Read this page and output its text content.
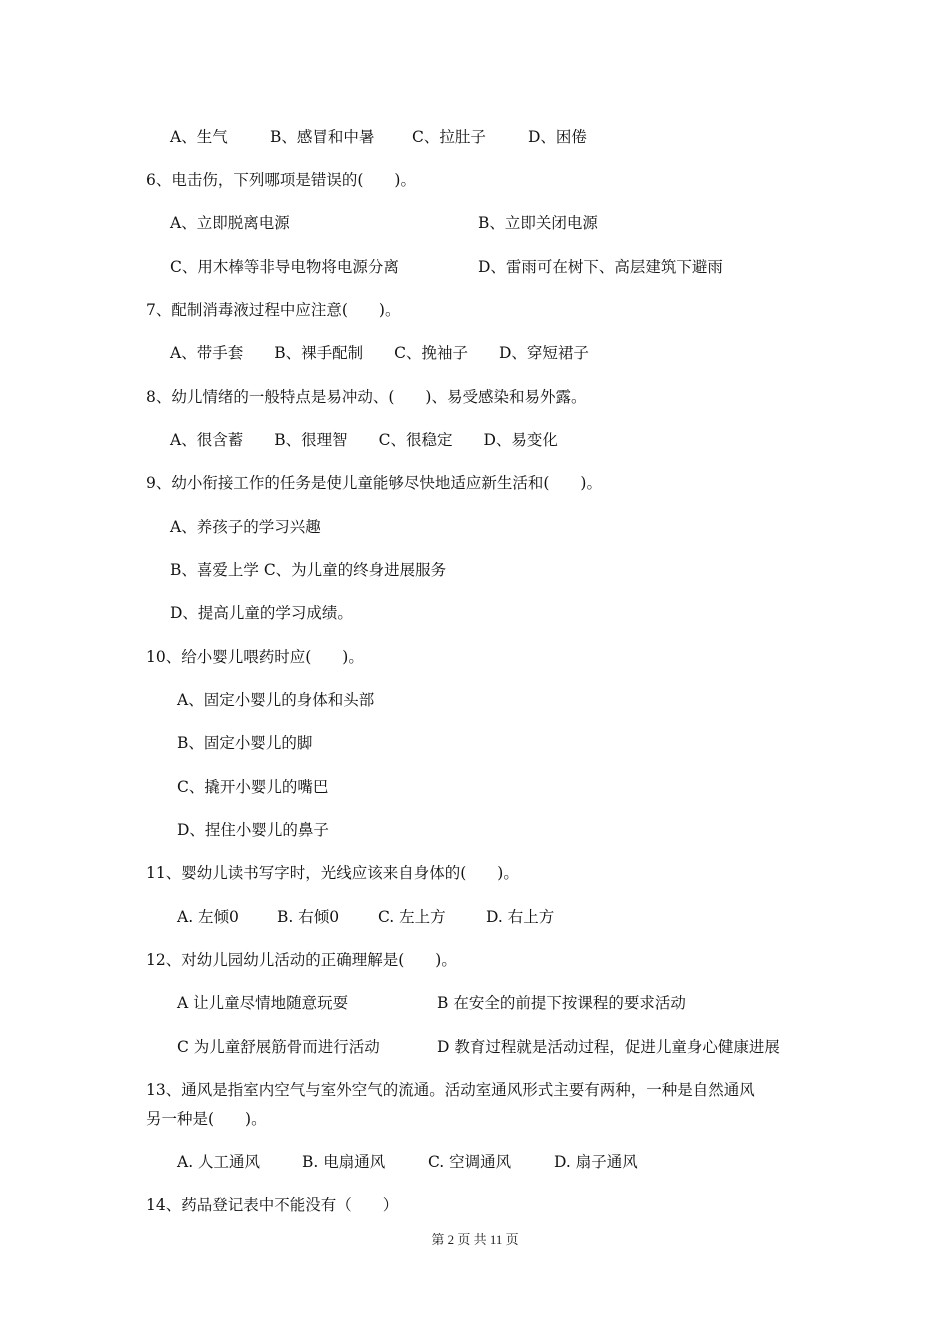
A、生气	B、感冒和中暑 C、拉肚子	D、困倦
6、电击伤，下列哪项是错误的(　　)。
A、立即脱离电源	B、立即关闭电源
C、用木棒等非导电物将电源分离	D、雷雨可在树下、高层建筑下避雨
7、配制消毒液过程中应注意(　　)。
A、带手套　　B、裸手配制　　C、挽袖子　　D、穿短裙子
8、幼儿情绪的一般特点是易冲动、(　　)、易受感染和易外露。
A、很含蓄　　B、很理智　　C、很稳定　　D、易变化
9、幼小衔接工作的任务是使儿童能够尽快地适应新生活和(　　)。
A、养孩子的学习兴趣
B、喜爱上学 C、为儿童的终身进展服务
D、提高儿童的学习成绩。
10、给小婴儿喂药时应(　　)。
A、固定小婴儿的身体和头部
B、固定小婴儿的脚
C、撬开小婴儿的嘴巴
D、捏住小婴儿的鼻子
11、婴幼儿读书写字时，光线应该来自身体的(　　)。
A. 左倾0 B. 右倾0	C. 左上方	D. 右上方
12、对幼儿园幼儿活动的正确理解是(　　)。
A 让儿童尽情地随意玩耍	B 在安全的前提下按课程的要求活动
C 为儿童舒展筋骨而进行活动	D 教育过程就是活动过程，促进儿童身心健康进展
13、通风是指室内空气与室外空气的流通。活动室通风形式主要有两种，一种是自然通风
另一种是(　　)。
A. 人工通风	B. 电扇通风	C. 空调通风	D. 扇子通风
14、药品登记表中不能没有（　　）
第 2 页 共 11 页
